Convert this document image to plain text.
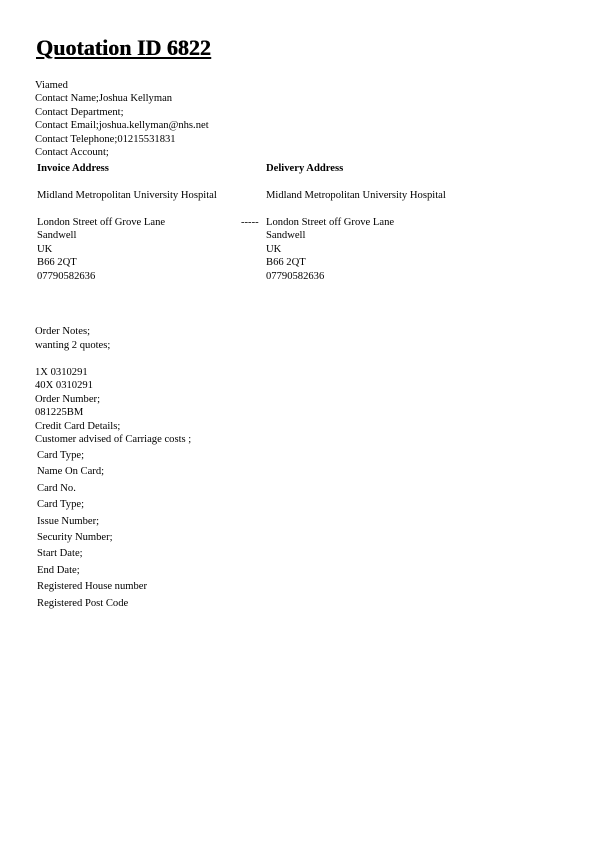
Quotation ID 6822
Viamed
Contact Name;Joshua Kellyman
Contact Department;
Contact Email;joshua.kellyman@nhs.net
Contact Telephone;01215531831
Contact Account;
Invoice Address
Midland Metropolitan University Hospital
London Street off Grove Lane
Sandwell
UK
B66 2QT
07790582636
-----
Delivery Address
Midland Metropolitan University Hospital
London Street off Grove Lane
Sandwell
UK
B66 2QT
07790582636
Order Notes;
wanting 2 quotes;
1X 0310291
40X 0310291
Order Number;
081225BM
Credit Card Details;
Customer advised of Carriage costs ;
Card Type;
Name On Card;
Card No.
Card Type;
Issue Number;
Security Number;
Start Date;
End Date;
Registered House number
Registered Post Code
